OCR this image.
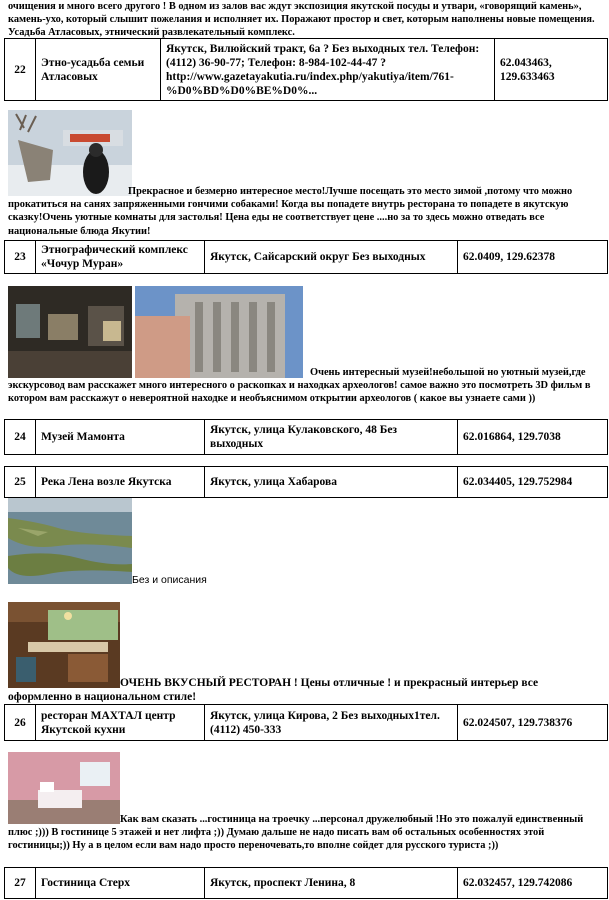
очищения и много всего другого ! В одном из залов вас ждут экспозиция якутской посуды и утвари, «говорящий камень», камень-ухо, который слышит пожелания и исполняет их. Поражают простор и свет, которым наполнены новые помещения. Усадьба Атласовых, этнический развлекательный комплекс.
22	Этно-усадьба семьи Атласовых	Якутск, Вилюйский тракт, 6а ? Без выходных тел. Телефон: (4112) 36-90-77; Телефон: 8-984-102-44-47 ? http://www.gazetayakutia.ru/index.php/yakutiya/item/761-%D0%BD%D0%BE%D0%...	62.043463, 129.633463
Прекрасное и безмерно интересное место!Лучше посещать это место зимой ,потому что можно прокатиться на санях запряженными гончими собаками! Когда вы попадете внутрь ресторана то попадете в якутскую сказку!Очень уютные комнаты для застолья! Цена еды не соответствует цене ....но за то здесь можно отведать все национальные блюда Якутии!
23	Этнографический комплекс «Чочур Муран»	Якутск, Сайсарский округ Без выходных	62.0409, 129.62378
Очень интересный музей!небольшой но уютный музей,где экскурсовод вам расскажет много интересного о раскопках и находках археологов! самое важно это посмотреть 3D фильм в котором вам расскажут о невероятной находке и необъяснимом открытии археологов ( какое вы узнаете сами ))
24	Музей Мамонта	Якутск, улица Кулаковского, 48 Без выходных	62.016864, 129.7038
25	Река Лена возле Якутска	Якутск, улица Хабарова	62.034405, 129.752984
Без и описания
ОЧЕНЬ ВКУСНЫЙ РЕСТОРАН ! Цены отличные ! и прекрасный интерьер все оформленно в национальном стиле!
26	ресторан МАХТАЛ центр Якутской кухни	Якутск, улица Кирова, 2 Без выходных1тел. (4112) 450-333	62.024507, 129.738376
Как вам сказать ...гостиница на троечку ...персонал дружелюбный !Но это пожалуй единственный плюс ;))) В гостинице 5 этажей и нет лифта ;)) Думаю дальше не надо писать вам об остальных особенностях этой гостиницы;)) Ну а в целом если вам надо просто переночевать,то вполне сойдет для русского туриста ;))
27	Гостиница Стерх	Якутск, проспект Ленина, 8	62.032457, 129.742086
